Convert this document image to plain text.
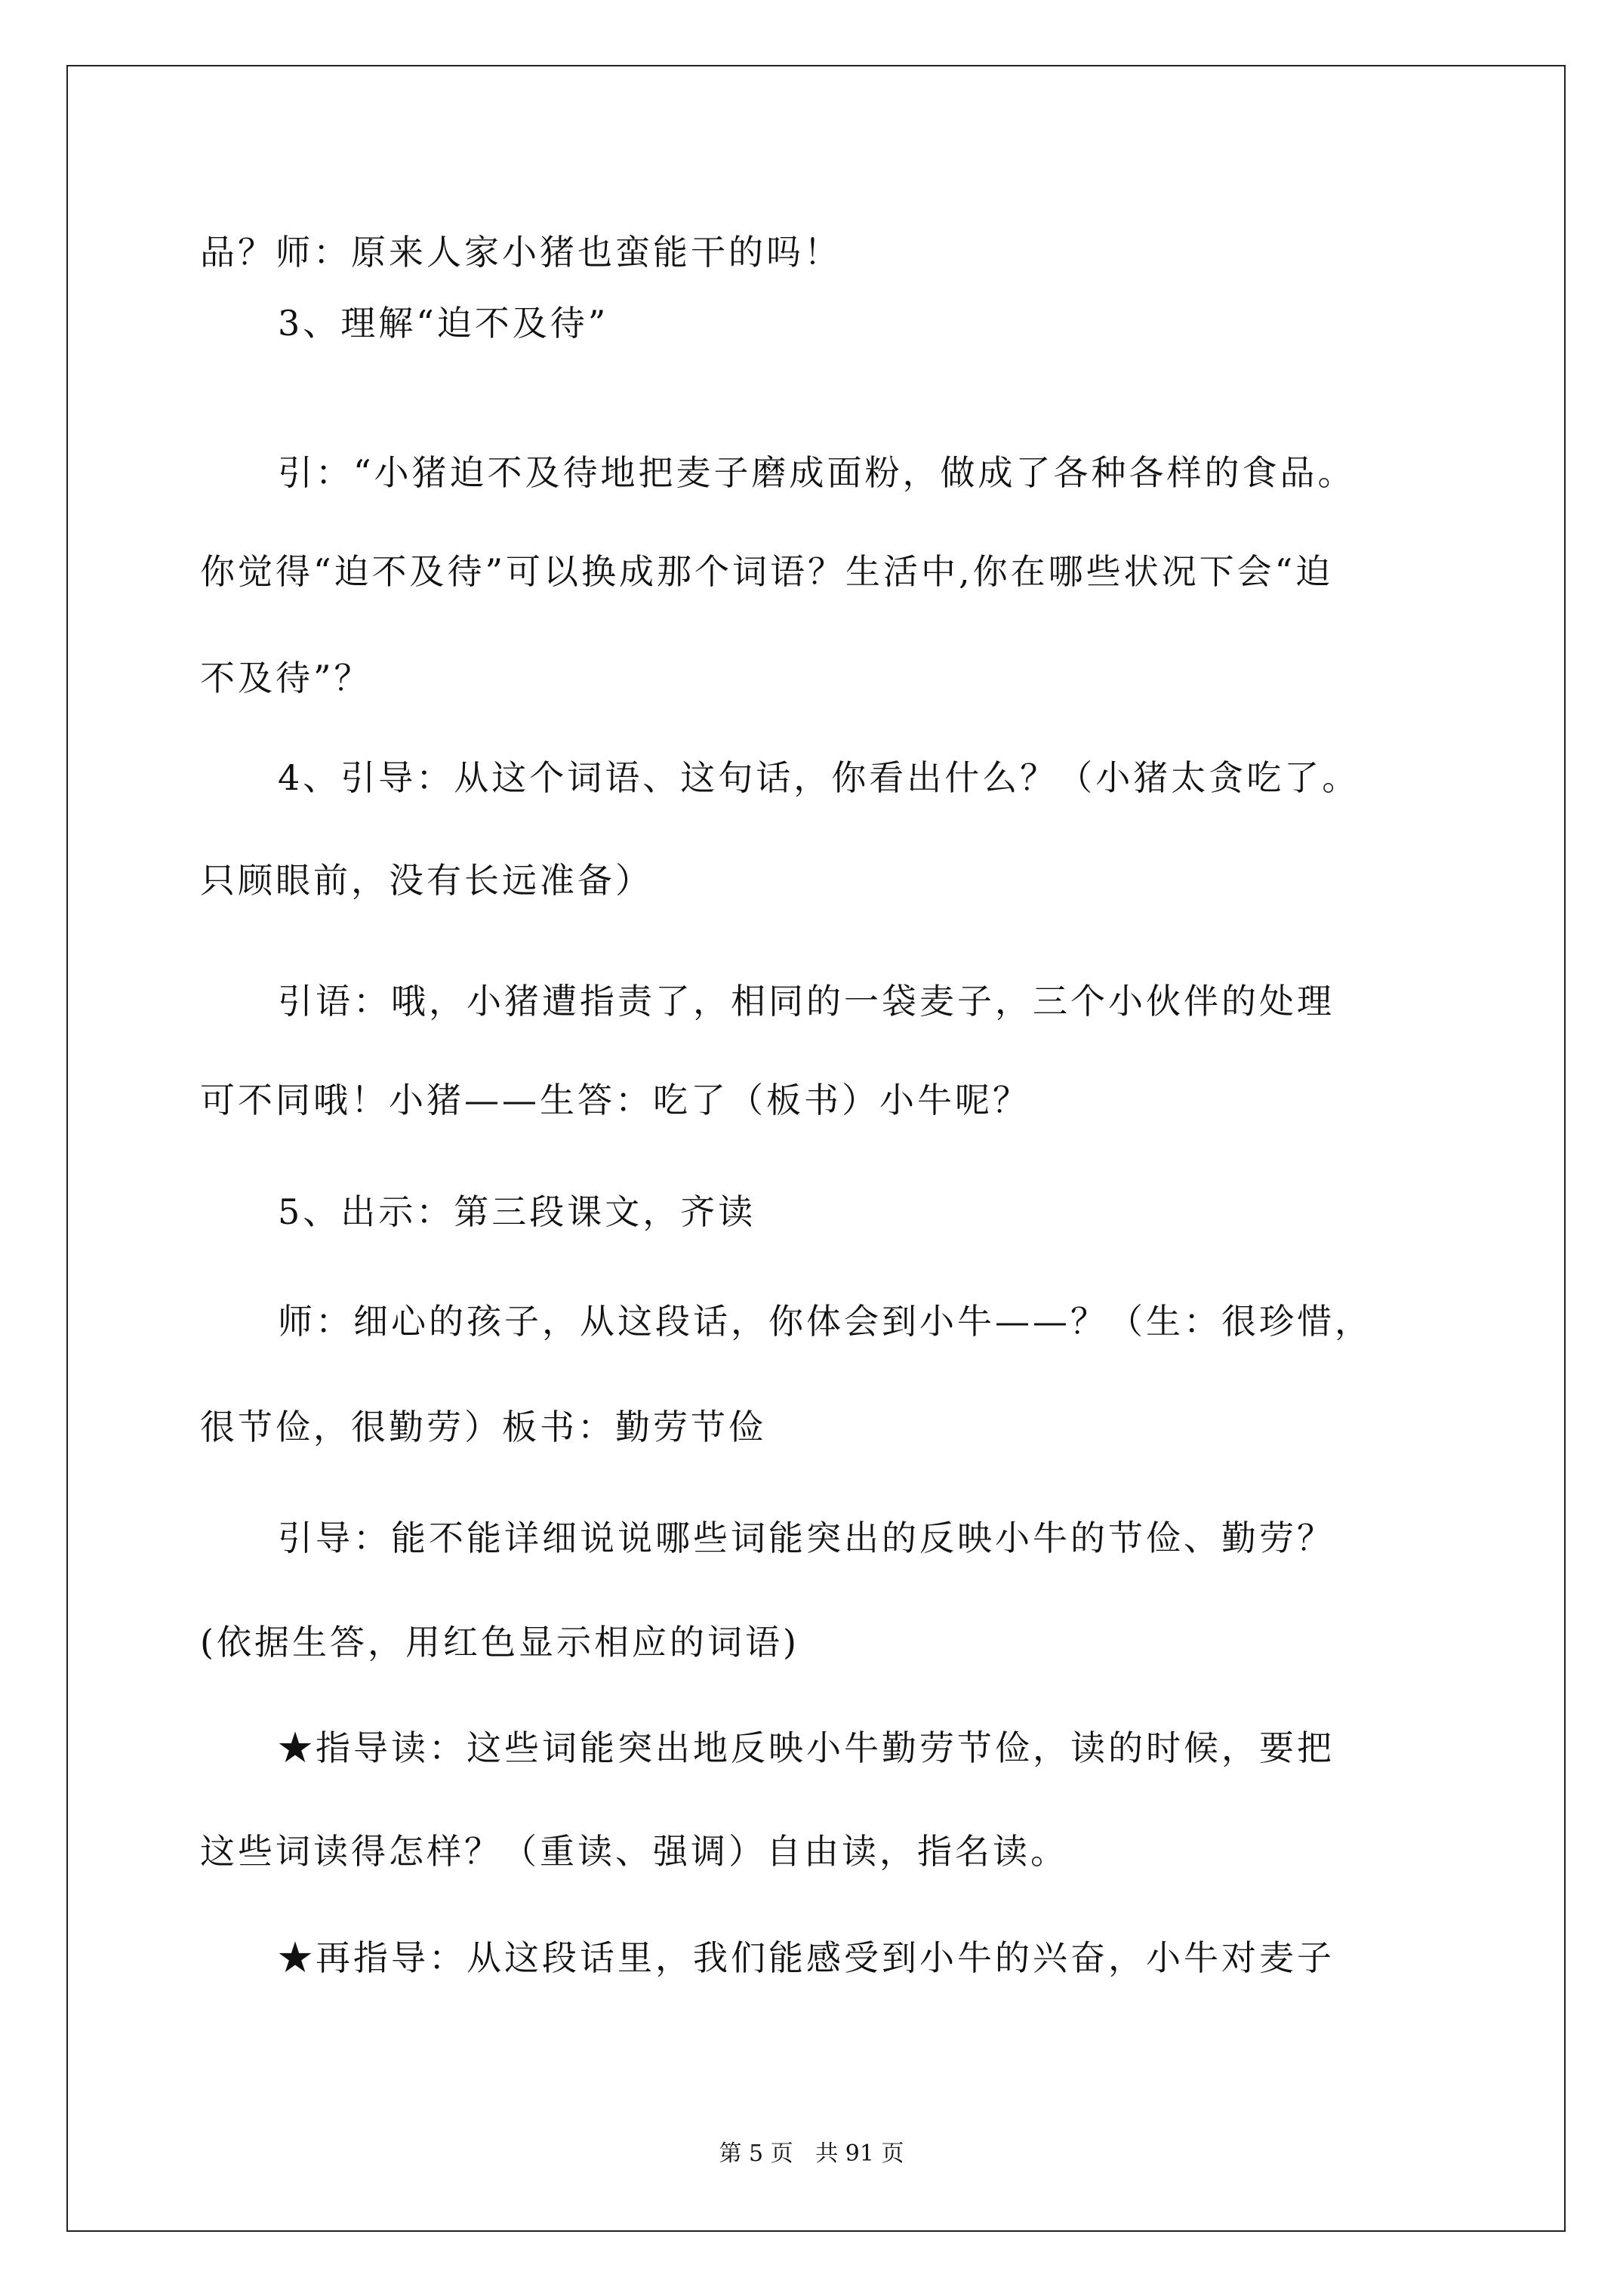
品？师：原来人家小猪也蛮能干的吗！
3、理解“迫不及待”
引：“小猪迫不及待地把麦子磨成面粉，做成了各种各样的食品。
你觉得“迫不及待”可以换成那个词语？生活中,你在哪些状况下会“迫
不及待”？
4、引导：从这个词语、这句话，你看出什么？（小猪太贪吃了。
只顾眼前，没有长远准备）
引语：哦，小猪遭指责了，相同的一袋麦子，三个小伙伴的处理
可不同哦！小猪——生答：吃了（板书）小牛呢？
5、出示：第三段课文，齐读
师：细心的孩子，从这段话，你体会到小牛——？（生：很珍惜，
很节俭，很勤劳）板书：勤劳节俭
引导：能不能详细说说哪些词能突出的反映小牛的节俭、勤劳？
(依据生答，用红色显示相应的词语)
★指导读：这些词能突出地反映小牛勤劳节俭，读的时候，要把
这些词读得怎样？（重读、强调）自由读，指名读。
★再指导：从这段话里，我们能感受到小牛的兴奋，小牛对麦子
第 5 页 共 91 页
